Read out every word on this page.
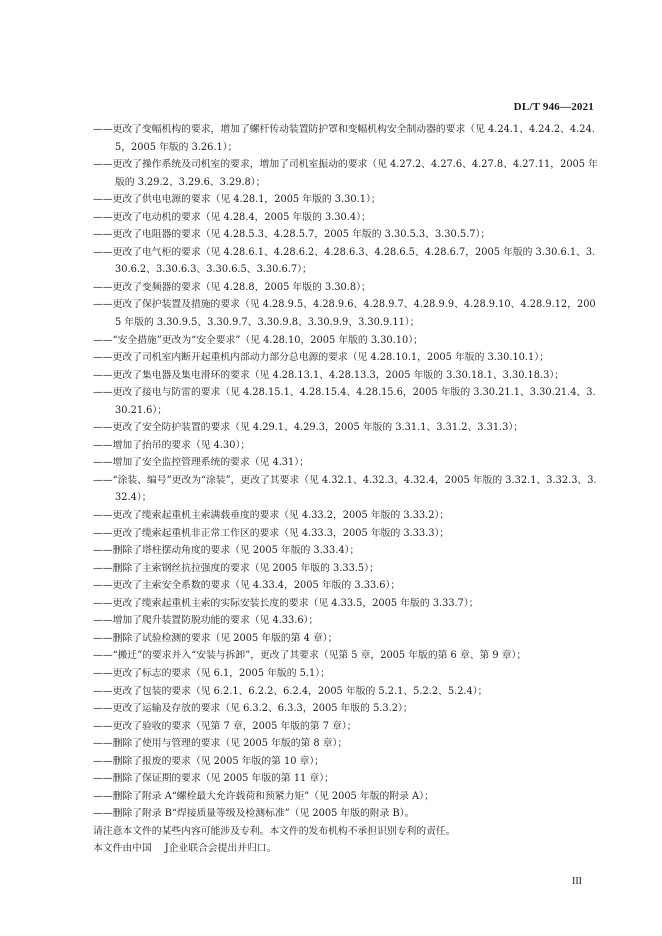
DL/T 946—2021
——更改了变幅机构的要求，增加了螺杆传动装置防护罩和变幅机构安全制动器的要求（见 4.24.1、4.24.2、4.24.5，2005 年版的 3.26.1）；
——更改了操作系统及司机室的要求，增加了司机室振动的要求（见 4.27.2、4.27.6、4.27.8、4.27.11，2005 年版的 3.29.2、3.29.6、3.29.8）；
——更改了供电电源的要求（见 4.28.1，2005 年版的 3.30.1）；
——更改了电动机的要求（见 4.28.4，2005 年版的 3.30.4）；
——更改了电阻器的要求（见 4.28.5.3、4.28.5.7，2005 年版的 3.30.5.3、3.30.5.7）；
——更改了电气柜的要求（见 4.28.6.1、4.28.6.2、4.28.6.3、4.28.6.5、4.28.6.7，2005 年版的 3.30.6.1、3.30.6.2、3.30.6.3、3.30.6.5、3.30.6.7）；
——更改了变频器的要求（见 4.28.8，2005 年版的 3.30.8）；
——更改了保护装置及措施的要求（见 4.28.9.5、4.28.9.6、4.28.9.7、4.28.9.9、4.28.9.10、4.28.9.12，2005 年版的 3.30.9.5、3.30.9.7、3.30.9.8、3.30.9.9、3.30.9.11）；
——“安全措施”更改为“安全要求”（见 4.28.10，2005 年版的 3.30.10）；
——更改了司机室内断开起重机内部动力部分总电源的要求（见 4.28.10.1，2005 年版的 3.30.10.1）；
——更改了集电器及集电滑环的要求（见 4.28.13.1、4.28.13.3，2005 年版的 3.30.18.1、3.30.18.3）；
——更改了接电与防雷的要求（见 4.28.15.1、4.28.15.4、4.28.15.6，2005 年版的 3.30.21.1、3.30.21.4、3.30.21.6）；
——更改了安全防护装置的要求（见 4.29.1、4.29.3，2005 年版的 3.31.1、3.31.2、3.31.3）；
——增加了抬吊的要求（见 4.30）；
——增加了安全监控管理系统的要求（见 4.31）；
——“涂装、编号”更改为“涂装”，更改了其要求（见 4.32.1、4.32.3、4.32.4，2005 年版的 3.32.1、3.32.3、3.32.4）；
——更改了缆索起重机主索满载垂度的要求（见 4.33.2，2005 年版的 3.33.2）；
——更改了缆索起重机非正常工作区的要求（见 4.33.3，2005 年版的 3.33.3）；
——删除了塔柱摆动角度的要求（见 2005 年版的 3.33.4）；
——删除了主索钢丝抗拉强度的要求（见 2005 年版的 3.33.5）；
——更改了主索安全系数的要求（见 4.33.4，2005 年版的 3.33.6）；
——更改了缆索起重机主索的实际安装长度的要求（见 4.33.5，2005 年版的 3.33.7）；
——增加了爬升装置防脱功能的要求（见 4.33.6）；
——删除了试验检测的要求（见 2005 年版的第 4 章）；
——“搬迁”的要求并入“安装与拆卸”，更改了其要求（见第 5 章，2005 年版的第 6 章、第 9 章）；
——更改了标志的要求（见 6.1，2005 年版的 5.1）；
——更改了包装的要求（见 6.2.1、6.2.2、6.2.4，2005 年版的 5.2.1、5.2.2、5.2.4）；
——更改了运输及存放的要求（见 6.3.2、6.3.3，2005 年版的 5.3.2）；
——更改了验收的要求（见第 7 章，2005 年版的第 7 章）；
——删除了使用与管理的要求（见 2005 年版的第 8 章）；
——删除了报废的要求（见 2005 年版的第 10 章）；
——删除了保证期的要求（见 2005 年版的第 11 章）；
——删除了附录 A“螺栓最大允许载荷和预紧力矩”（见 2005 年版的附录 A）；
——删除了附录 B“焊接质量等级及检测标准”（见 2005 年版的附录 B）。
请注意本文件的某些内容可能涉及专利。本文件的发布机构不承担识别专利的责任。
本文件由中国　 J企业联合会提出并归口。
III
